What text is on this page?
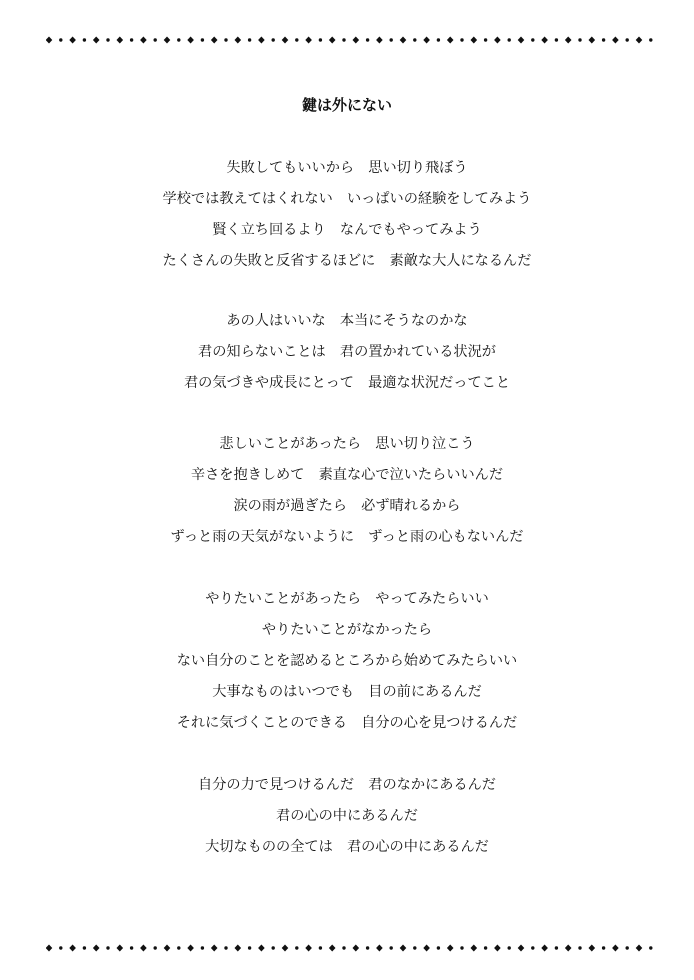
鍵は外にない
失敗してもいいから　思い切り飛ぼう
学校では教えてはくれない　いっぱいの経験をしてみよう
賢く立ち回るより　なんでもやってみよう
たくさんの失敗と反省するほどに　素敵な大人になるんだ
あの人はいいな　本当にそうなのかな
君の知らないことは　君の置かれている状況が
君の気づきや成長にとって　最適な状況だってこと
悲しいことがあったら　思い切り泣こう
辛さを抱きしめて　素直な心で泣いたらいいんだ
涙の雨が過ぎたら　必ず晴れるから
ずっと雨の天気がないように　ずっと雨の心もないんだ
やりたいことがあったら　やってみたらいい
やりたいことがなかったら
ない自分のことを認めるところから始めてみたらいい
大事なものはいつでも　目の前にあるんだ
それに気づくことのできる　自分の心を見つけるんだ
自分の力で見つけるんだ　君のなかにあるんだ
君の心の中にあるんだ
大切なものの全ては　君の心の中にあるんだ
